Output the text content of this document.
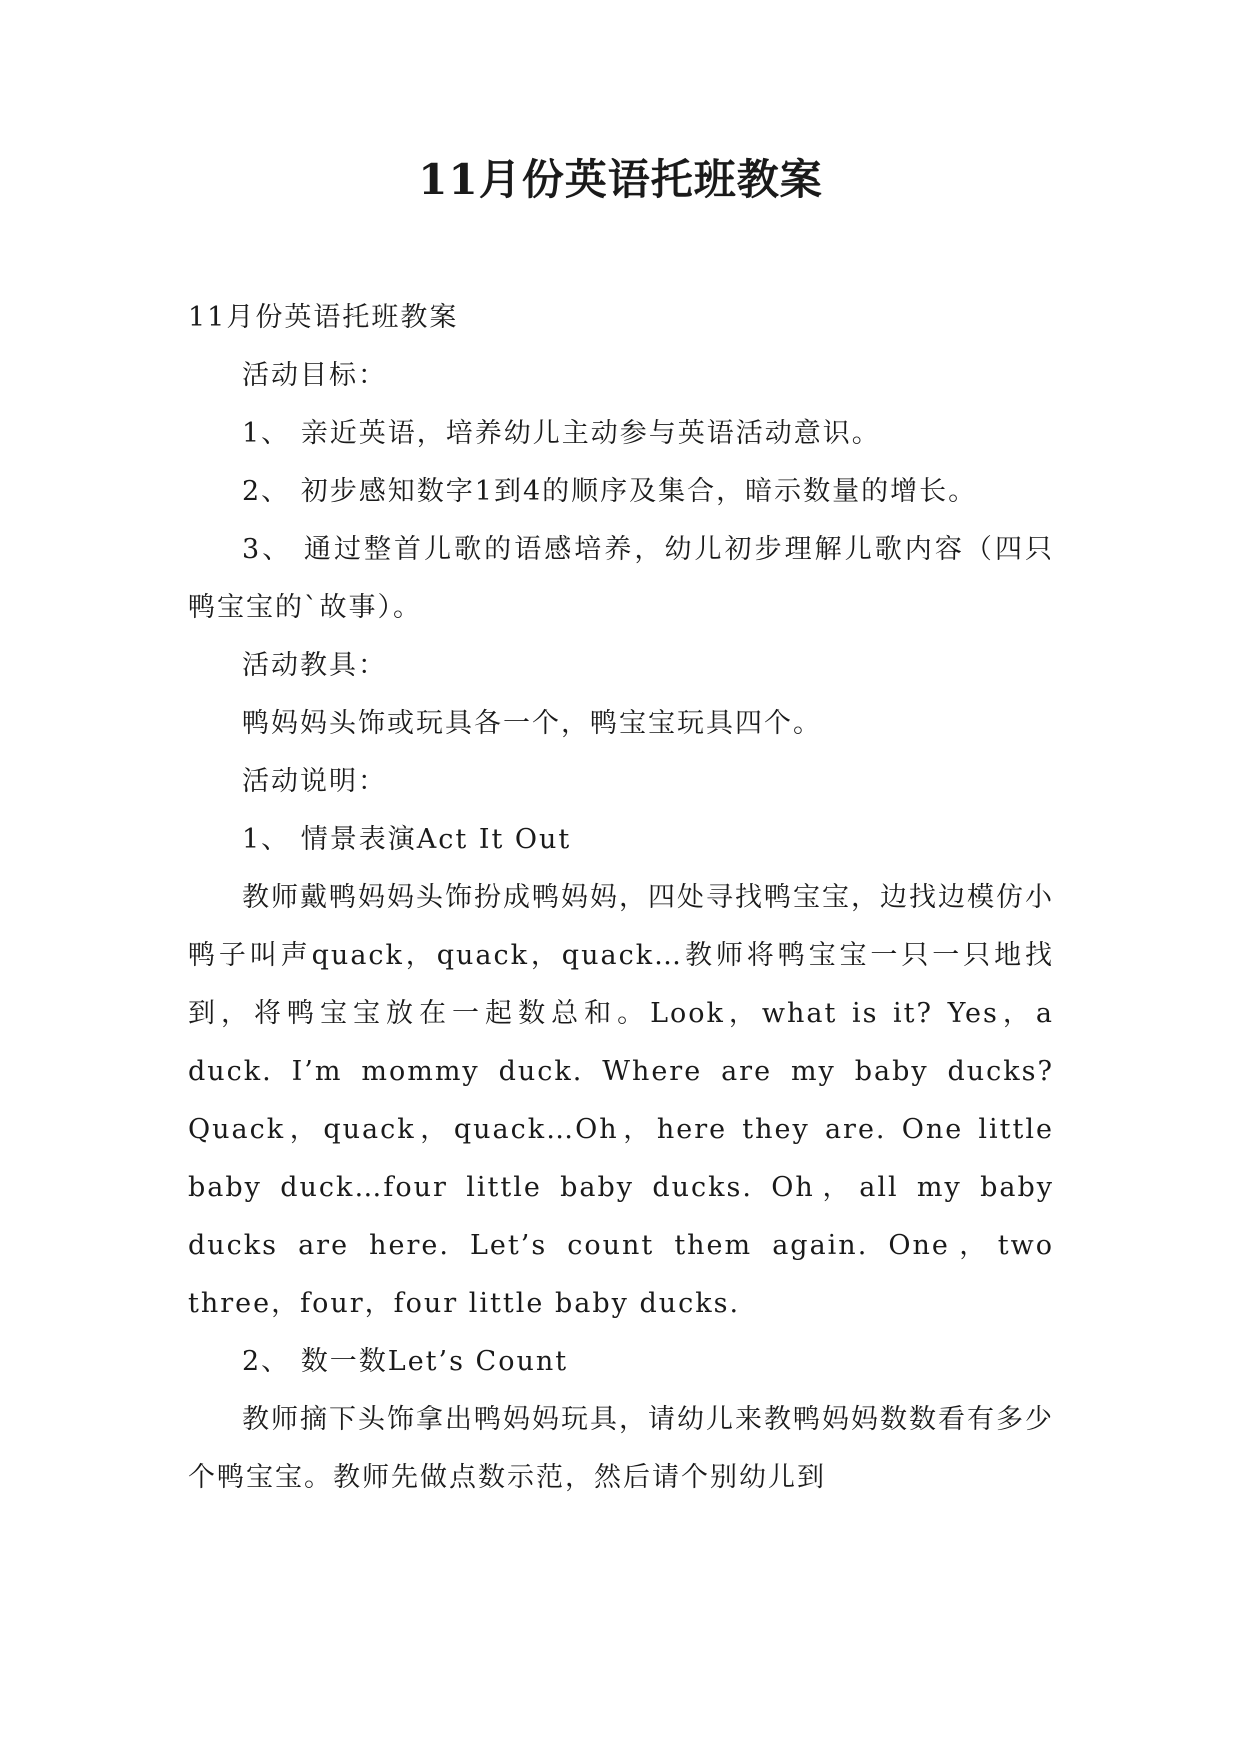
11月份英语托班教案

11月份英语托班教案

活动目标：

1、 亲近英语，培养幼儿主动参与英语活动意识。

2、 初步感知数字1到4的顺序及集合，暗示数量的增长。

3、 通过整首儿歌的语感培养，幼儿初步理解儿歌内容（四只鸭宝宝的`故事）。

活动教具：

鸭妈妈头饰或玩具各一个，鸭宝宝玩具四个。

活动说明：

1、 情景表演Act It Out

教师戴鸭妈妈头饰扮成鸭妈妈，四处寻找鸭宝宝，边找边模仿小鸭子叫声quack，quack，quack…教师将鸭宝宝一只一只地找到，将鸭宝宝放在一起数总和。Look，what is it? Yes，a duck. I’m mommy duck. Where are my baby ducks? Quack，quack，quack…Oh，here they are. One little baby duck…four little baby ducks. Oh，all my baby ducks are here. Let’s count them again. One，two three，four，four little baby ducks.

2、 数一数Let’s Count

教师摘下头饰拿出鸭妈妈玩具，请幼儿来教鸭妈妈数数看有多少个鸭宝宝。教师先做点数示范，然后请个别幼儿到
